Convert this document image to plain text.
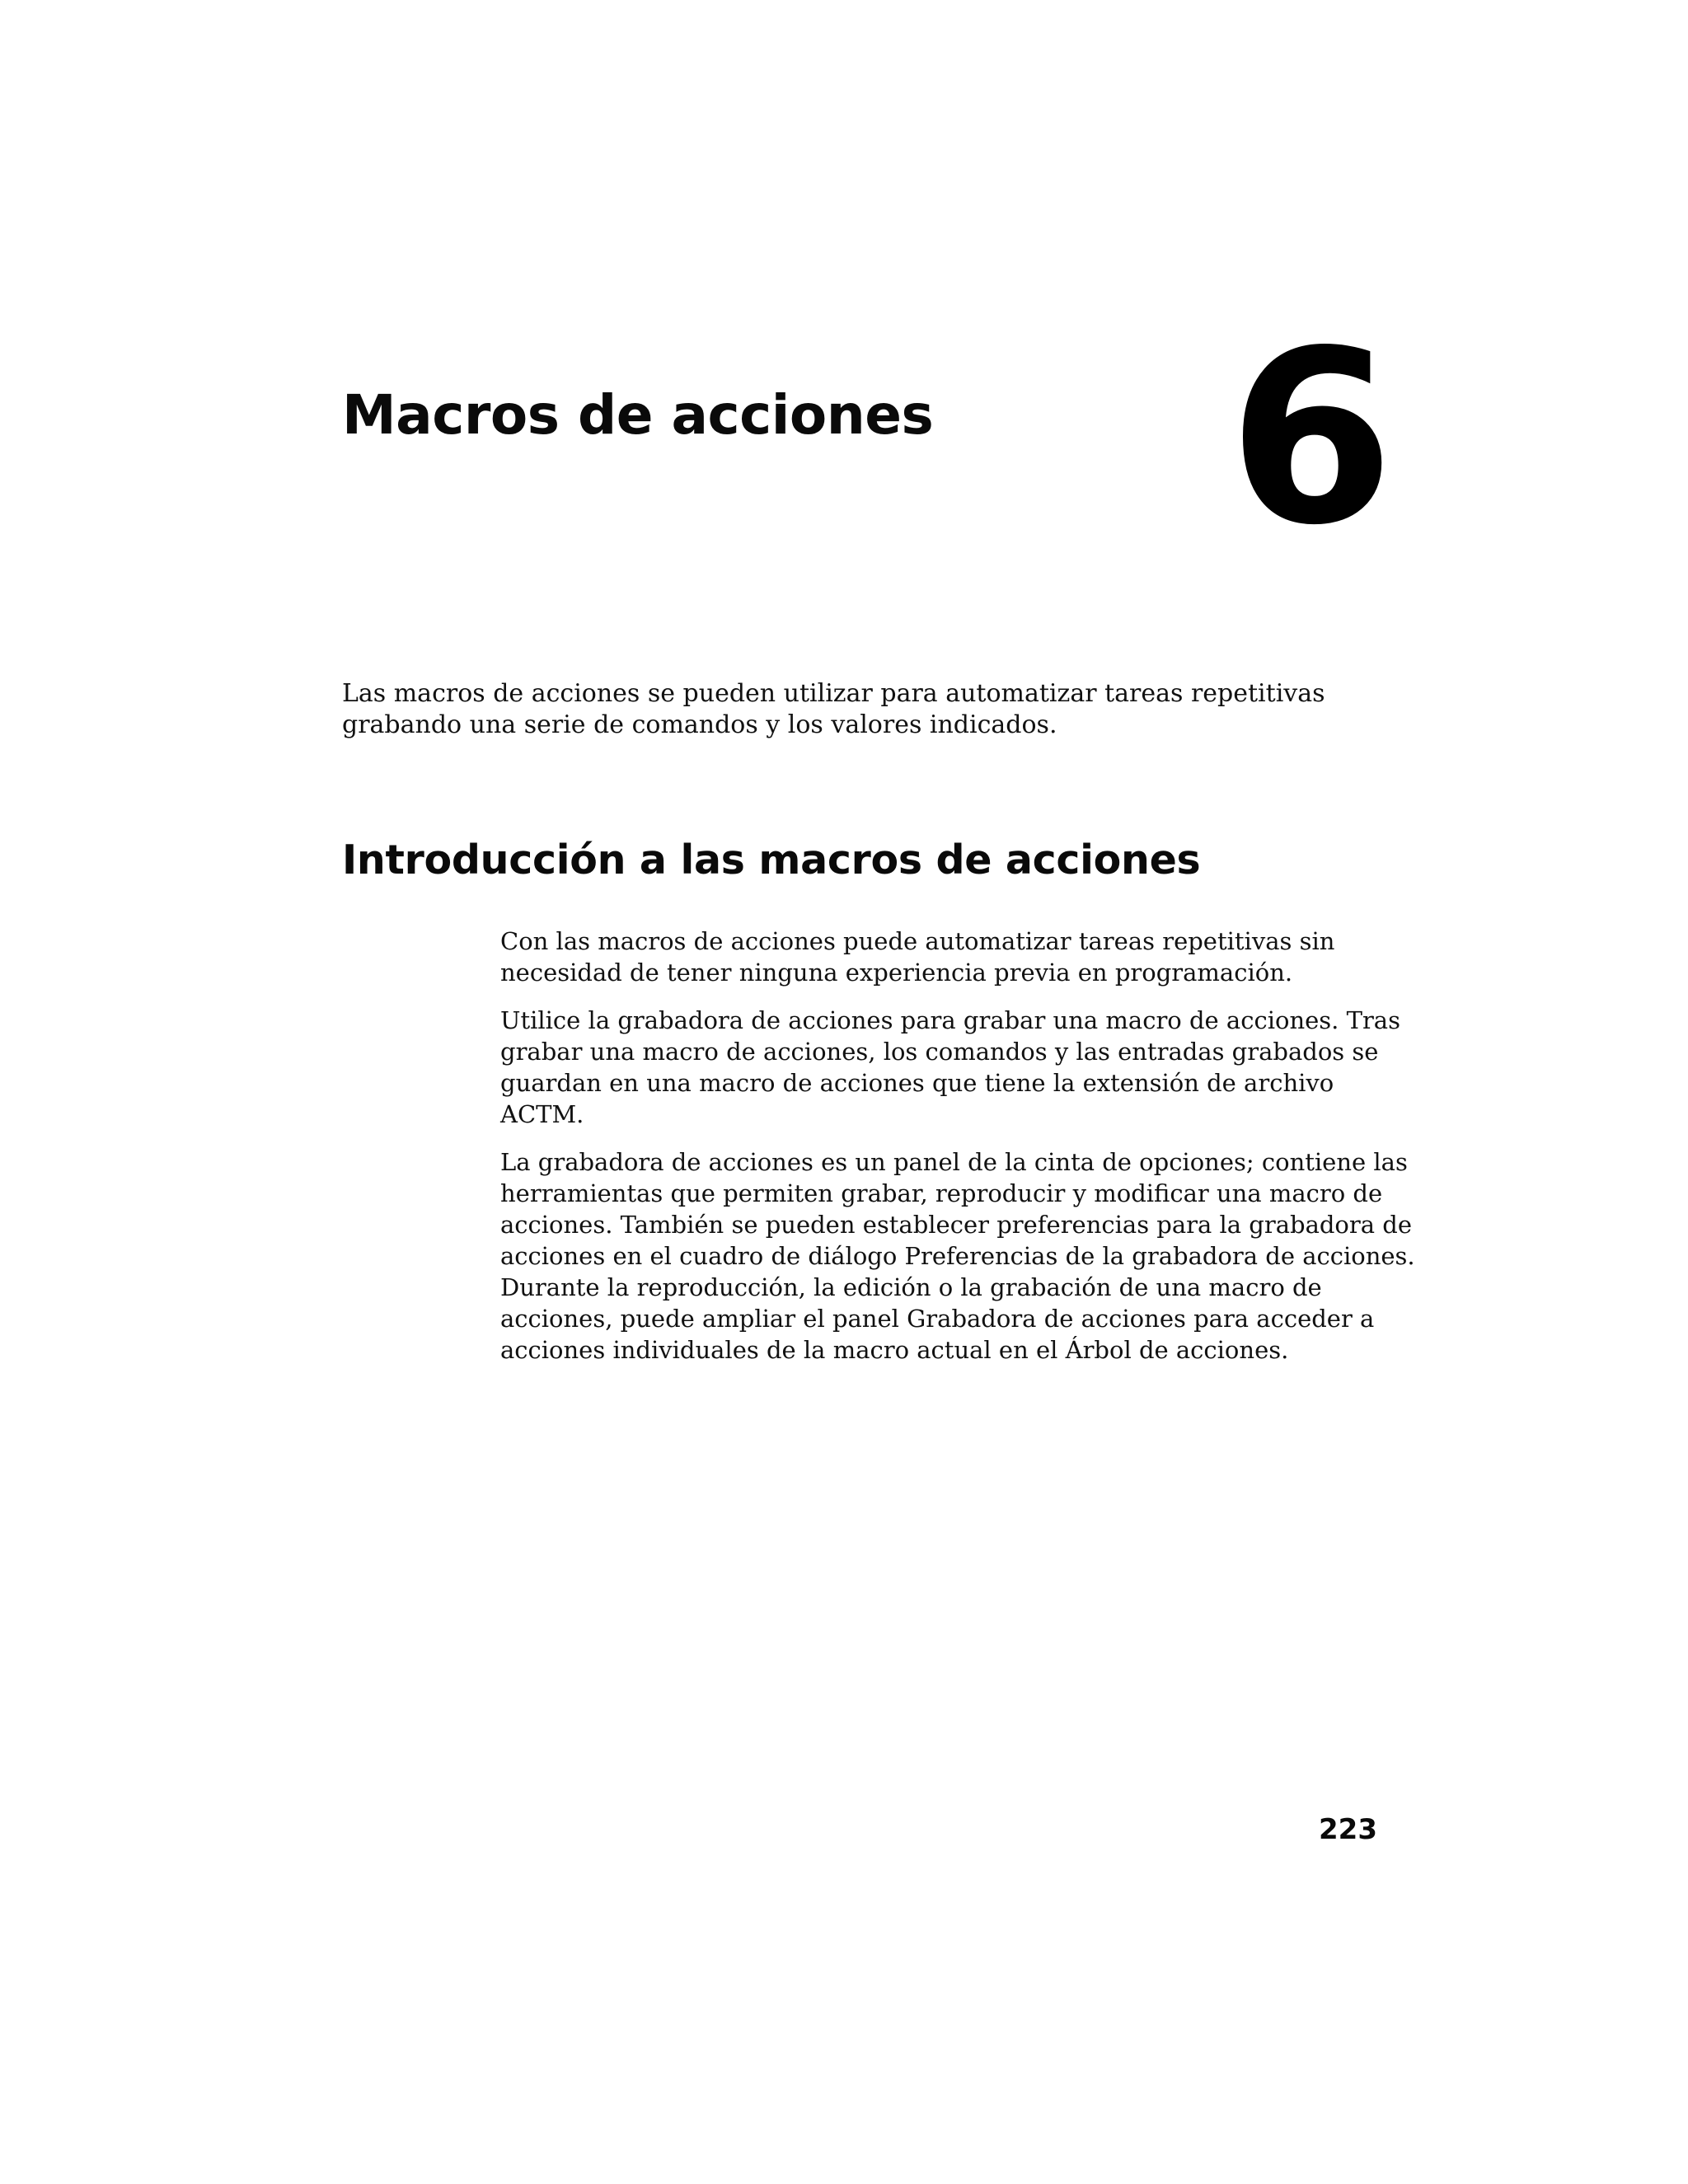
Macros de acciones 6

Las macros de acciones se pueden utilizar para automatizar tareas repetitivas grabando una serie de comandos y los valores indicados.

Introducción a las macros de acciones

Con las macros de acciones puede automatizar tareas repetitivas sin necesidad de tener ninguna experiencia previa en programación.

Utilice la grabadora de acciones para grabar una macro de acciones. Tras grabar una macro de acciones, los comandos y las entradas grabados se guardan en una macro de acciones que tiene la extensión de archivo ACTM.

La grabadora de acciones es un panel de la cinta de opciones; contiene las herramientas que permiten grabar, reproducir y modificar una macro de acciones. También se pueden establecer preferencias para la grabadora de acciones en el cuadro de diálogo Preferencias de la grabadora de acciones. Durante la reproducción, la edición o la grabación de una macro de acciones, puede ampliar el panel Grabadora de acciones para acceder a acciones individuales de la macro actual en el Árbol de acciones.

223
